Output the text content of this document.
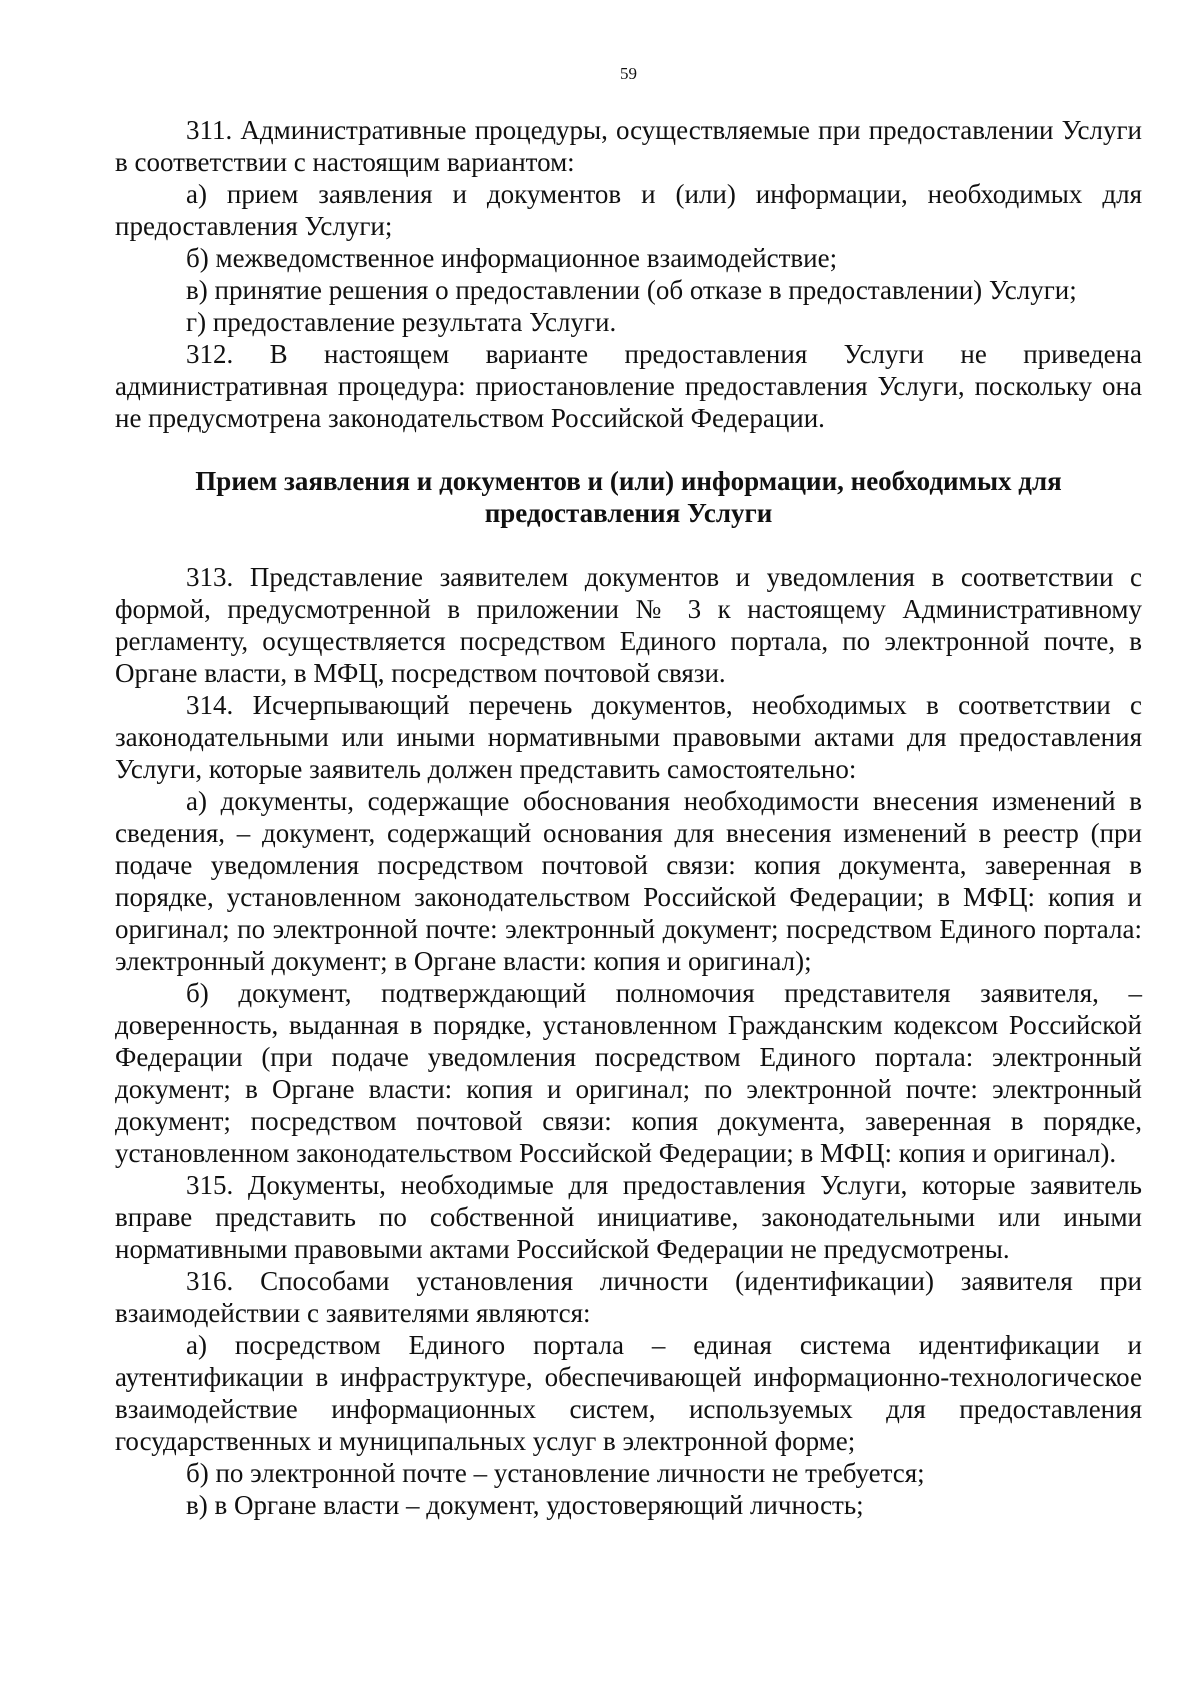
59

311. Административные процедуры, осуществляемые при предоставлении Услуги в соответствии с настоящим вариантом:

а) прием заявления и документов и (или) информации, необходимых для предоставления Услуги;

б) межведомственное информационное взаимодействие;

в) принятие решения о предоставлении (об отказе в предоставлении) Услуги;

г) предоставление результата Услуги.

312. В настоящем варианте предоставления Услуги не приведена административная процедура: приостановление предоставления Услуги, поскольку она не предусмотрена законодательством Российской Федерации.

Прием заявления и документов и (или) информации, необходимых для
предоставления Услуги

313. Представление заявителем документов и уведомления в соответствии с формой, предусмотренной в приложении № 3 к настоящему Административному регламенту, осуществляется посредством Единого портала, по электронной почте, в Органе власти, в МФЦ, посредством почтовой связи.

314. Исчерпывающий перечень документов, необходимых в соответствии с законодательными или иными нормативными правовыми актами для предоставления Услуги, которые заявитель должен представить самостоятельно:

а) документы, содержащие обоснования необходимости внесения изменений в сведения, – документ, содержащий основания для внесения изменений в реестр (при подаче уведомления посредством почтовой связи: копия документа, заверенная в порядке, установленном законодательством Российской Федерации; в МФЦ: копия и оригинал; по электронной почте: электронный документ; посредством Единого портала: электронный документ; в Органе власти: копия и оригинал);

б) документ, подтверждающий полномочия представителя заявителя, – доверенность, выданная в порядке, установленном Гражданским кодексом Российской Федерации (при подаче уведомления посредством Единого портала: электронный документ; в Органе власти: копия и оригинал; по электронной почте: электронный документ; посредством почтовой связи: копия документа, заверенная в порядке, установленном законодательством Российской Федерации; в МФЦ: копия и оригинал).

315. Документы, необходимые для предоставления Услуги, которые заявитель вправе представить по собственной инициативе, законодательными или иными нормативными правовыми актами Российской Федерации не предусмотрены.

316. Способами установления личности (идентификации) заявителя при взаимодействии с заявителями являются:

а) посредством Единого портала – единая система идентификации и аутентификации в инфраструктуре, обеспечивающей информационно-технологическое взаимодействие информационных систем, используемых для предоставления государственных и муниципальных услуг в электронной форме;

б) по электронной почте – установление личности не требуется;

в) в Органе власти – документ, удостоверяющий личность;
